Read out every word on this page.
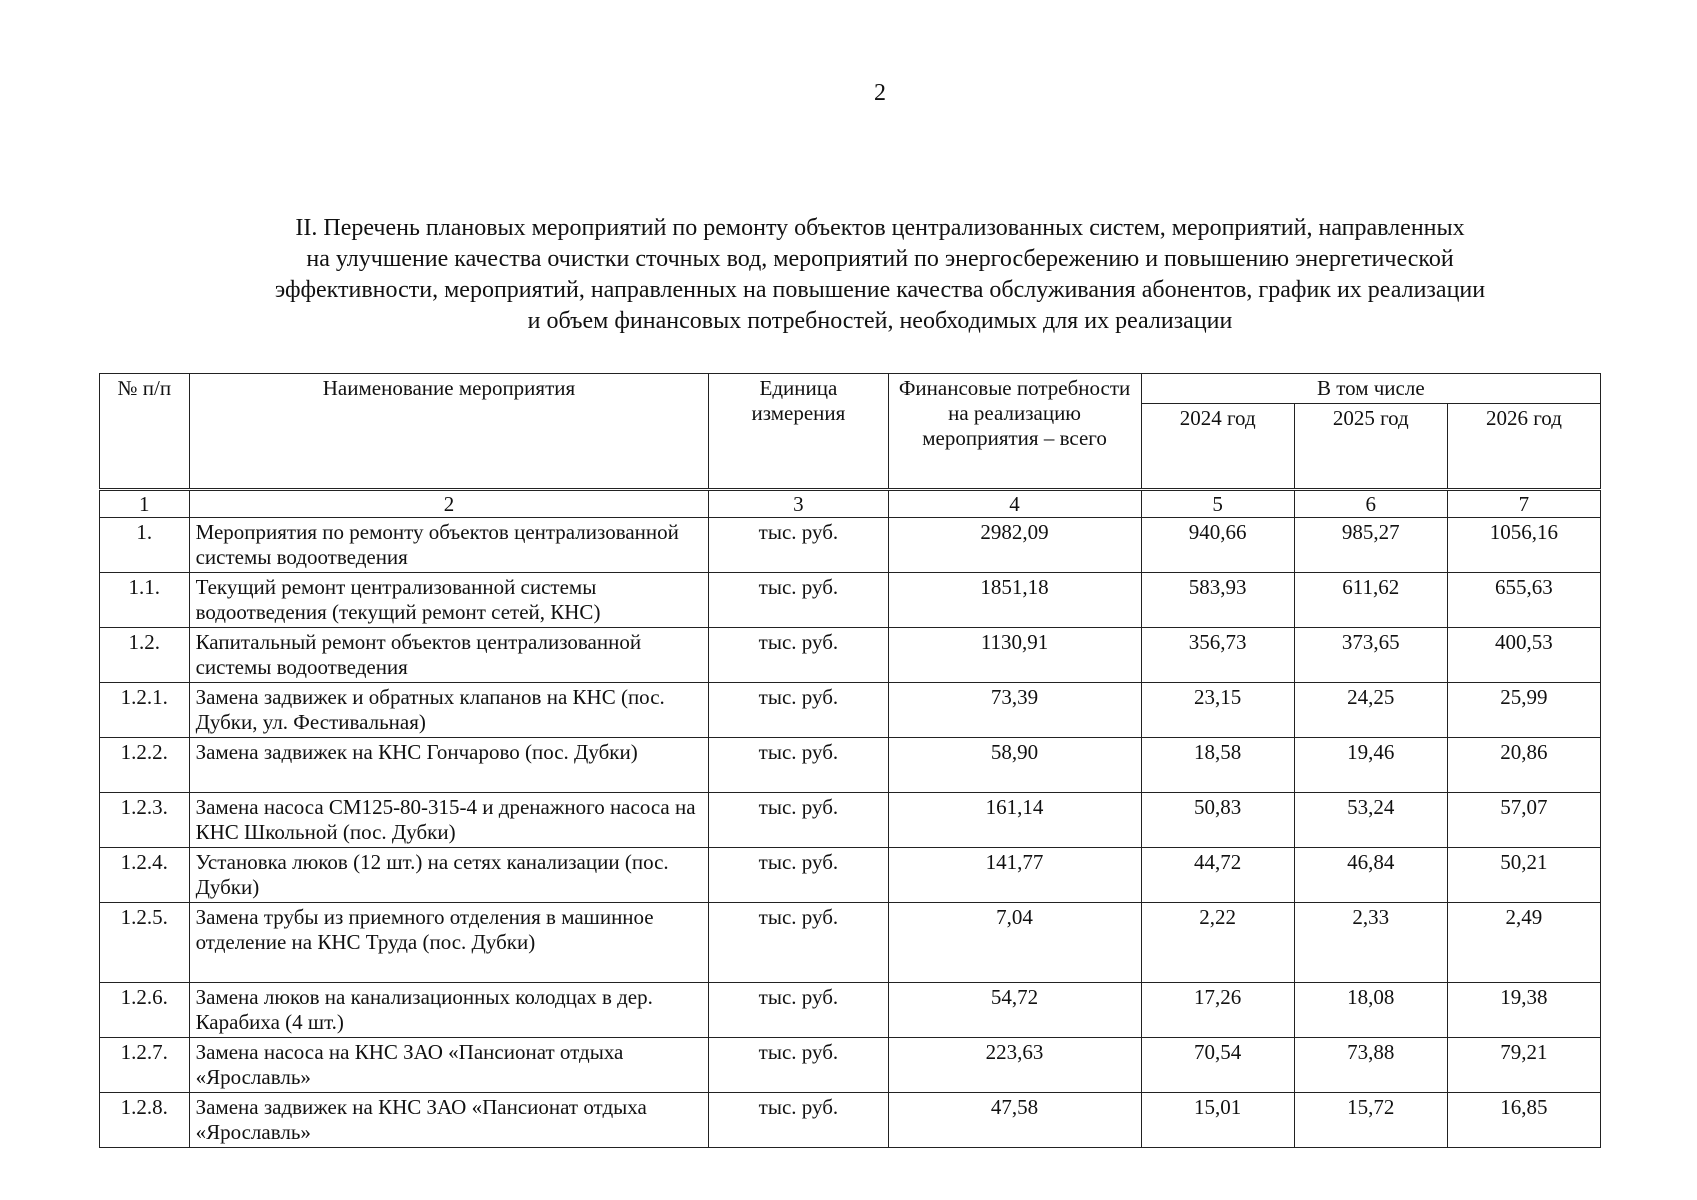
2
II. Перечень плановых мероприятий по ремонту объектов централизованных систем, мероприятий, направленных
на улучшение качества очистки сточных вод, мероприятий по энергосбережению и повышению энергетической
эффективности, мероприятий, направленных на повышение качества обслуживания абонентов, график их реализации
и объем финансовых потребностей, необходимых для их реализации
№ п/п	Наименование мероприятия	Единица измерения	Финансовые потребности на реализацию мероприятия – всего	В том числе		
				2024 год	2025 год	2026 год
1	2	3	4	5	6	7
1.	Мероприятия по ремонту объектов централизованной системы водоотведения	тыс. руб.	2982,09	940,66	985,27	1056,16
1.1.	Текущий ремонт централизованной системы водоотведения (текущий ремонт сетей, КНС)	тыс. руб.	1851,18	583,93	611,62	655,63
1.2.	Капитальный ремонт объектов централизованной системы водоотведения	тыс. руб.	1130,91	356,73	373,65	400,53
1.2.1.	Замена задвижек и обратных клапанов на КНС (пос. Дубки, ул. Фестивальная)	тыс. руб.	73,39	23,15	24,25	25,99
1.2.2.	Замена задвижек на КНС Гончарово (пос. Дубки)	тыс. руб.	58,90	18,58	19,46	20,86
1.2.3.	Замена насоса СМ125-80-315-4 и дренажного насоса на КНС Школьной (пос. Дубки)	тыс. руб.	161,14	50,83	53,24	57,07
1.2.4.	Установка люков (12 шт.) на сетях канализации (пос. Дубки)	тыс. руб.	141,77	44,72	46,84	50,21
1.2.5.	Замена трубы из приемного отделения в машинное отделение на КНС Труда (пос. Дубки)	тыс. руб.	7,04	2,22	2,33	2,49
1.2.6.	Замена люков на канализационных колодцах в дер. Карабиха (4 шт.)	тыс. руб.	54,72	17,26	18,08	19,38
1.2.7.	Замена насоса на КНС ЗАО «Пансионат отдыха «Ярославль»	тыс. руб.	223,63	70,54	73,88	79,21
1.2.8.	Замена задвижек на КНС ЗАО «Пансионат отдыха «Ярославль»	тыс. руб.	47,58	15,01	15,72	16,85
